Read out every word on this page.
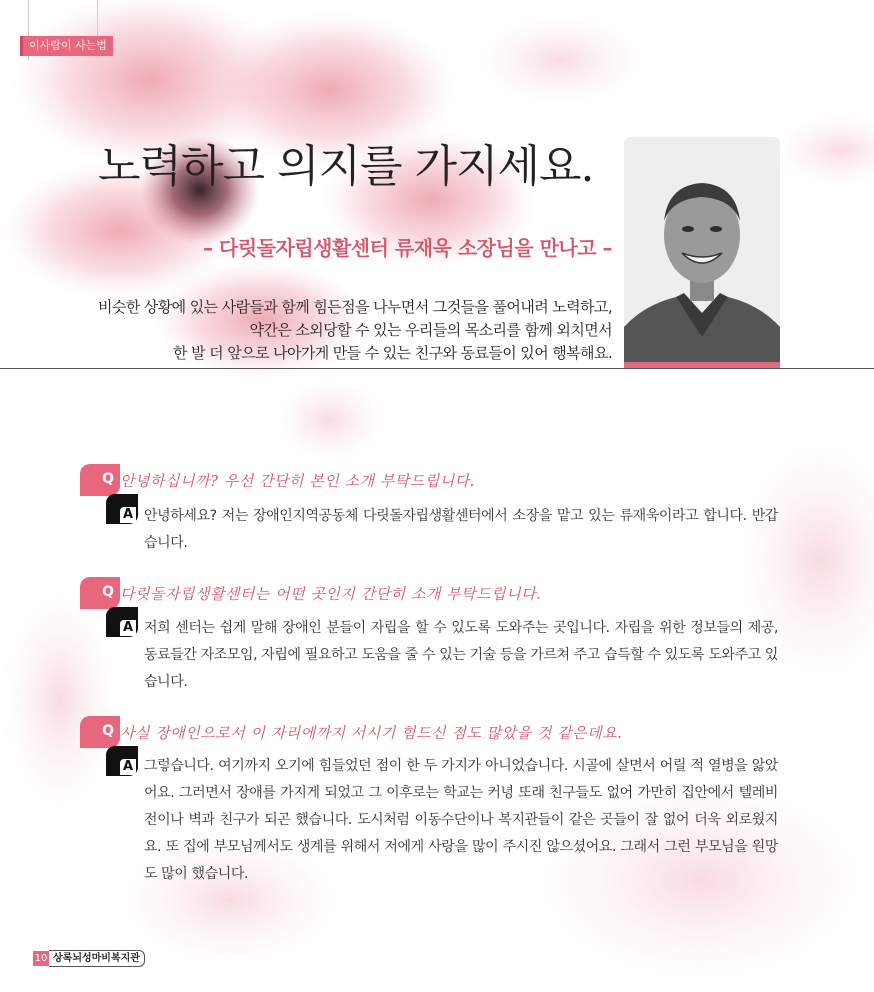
이사람이 사는법
노력하고 의지를 가지세요.

– 다릿돌자립생활센터 류재욱 소장님을 만나고 –

비슷한 상황에 있는 사람들과 함께 힘든점을 나누면서 그것들을 풀어내려 노력하고,
약간은 소외당할 수 있는 우리들의 목소리를 함께 외치면서
한 발 더 앞으로 나아가게 만들 수 있는 친구와 동료들이 있어 행복해요.

Q 안녕하십니까? 우선 간단히 본인 소개 부탁드립니다.
A 안녕하세요? 저는 장애인지역공동체 다릿돌자립생활센터에서 소장을 맡고 있는 류재욱이라고 합니다. 반갑습니다.

Q 다릿돌자립생활센터는 어떤 곳인지 간단히 소개 부탁드립니다.
A 저희 센터는 쉽게 말해 장애인 분들이 자립을 할 수 있도록 도와주는 곳입니다. 자립을 위한 정보들의 제공, 동료들간 자조모임, 자립에 필요하고 도움을 줄 수 있는 기술 등을 가르쳐 주고 습득할 수 있도록 도와주고 있습니다.

Q 사실 장애인으로서 이 자리에까지 서시기 힘드신 점도 많았을 것 같은데요.
A 그렇습니다. 여기까지 오기에 힘들었던 점이 한 두 가지가 아니었습니다. 시골에 살면서 어릴 적 열병을 앓았어요. 그러면서 장애를 가지게 되었고 그 이후로는 학교는 커녕 또래 친구들도 없어 가만히 집안에서 텔레비전이나 벽과 친구가 되곤 했습니다. 도시처럼 이동수단이나 복지관들이 같은 곳들이 잘 없어 더욱 외로웠지요. 또 집에 부모님께서도 생계를 위해서 저에게 사랑을 많이 주시진 않으셨어요. 그래서 그런 부모님을 원망도 많이 했습니다.

10 상록뇌성마비복지관
